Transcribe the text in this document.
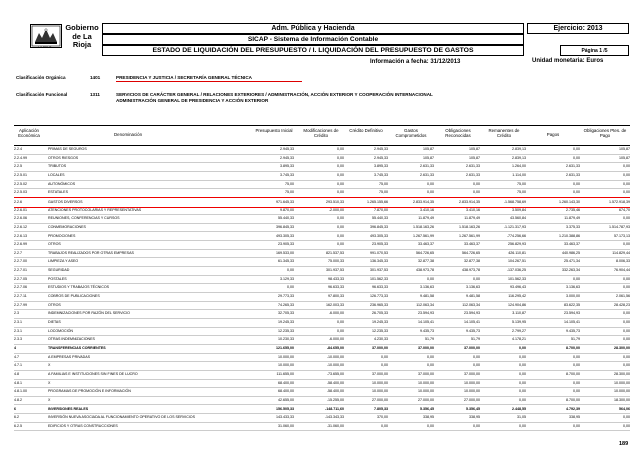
LA RIOJA
Gobierno de La Rioja
Adm. Pública y Hacienda
SICAP - Sistema de Información Contable
ESTADO DE LIQUIDACIÓN DEL PRESUPUESTO / I. LIQUIDACIÓN DEL PRESUPUESTO DE GASTOS
Ejercicio: 2013
Página 1 /5
Información a fecha: 31/12/2013	Unidad monetaria: Euros
Clasificación Orgánica	1401	PRESIDENCIA Y JUSTICIA / SECRETARÍA GENERAL TÉCNICA
Clasificación Funcional	1311	SERVICIOS DE CARÁCTER GENERAL / RELACIONES EXTERIORES / ADMINISTRACIÓN, ACCIÓN EXTERIOR Y COOPERACIÓN INTERNACIONAL
ADMINISTRACIÓN GENERAL DE PRESIDENCIA Y ACCIÓN EXTERIOR
Aplicación Económica	Denominación
Presupuesto Inicial	Modificaciones de Crédito
Crédito Definitivo	Gastos Comprometidos
Obligaciones Reconocidas
Remanentes de Crédito	Pagos
Obligaciones Ptes. de Pago
2.2.4	PRIMAS DE SEGUROS	2.945,33	0,00	2.945,33	105,87	105,87	2.839,13	0,00	105,87
2.2.4.99	OTROS RIESGOS	2.945,33	0,00	2.945,33	105,87	105,87	2.839,13	0,00	105,87
2.2.5	TRIBUTOS	3.895,33	0,00	3.895,33	2.631,33	2.631,33	1.264,00	2.631,33	0,00
2.2.5.01	LOCALES	3.745,33	0,00	3.745,33	2.631,33	2.631,33	1.114,00	2.631,33	0,00
2.2.5.02	AUTONÓMICOS	75,00	0,00	75,00	0,00	0,00	75,00	0,00	0,00
2.2.5.03	ESTATALES	75,00	0,00	75,00	0,00	0,00	75,00	0,00	0,00
2.2.6	GASTOS DIVERSOS	971.645,33	293.510,33	1.265.155,66	2.833.914,35	2.833.914,35	-1.568.758,69	1.260.143,30	1.572.918,39
2.2.6.01	ATENCIONES PROTOCOLARIAS Y REPRESENTATIVAS	9.870,00	-2.000,00	7.870,00	3.410,16	3.410,16	3.509,84	2.735,46	674,70
2.2.6.06	REUNIONES, CONFERENCIAS Y CURSOS	55.440,33	0,00	55.440,33	11.879,49	11.879,49	43.560,84	11.879,49	0,00
2.2.6.12	CONMEMORACIONES	396.845,33	0,00	396.845,33	1.518.163,26	1.518.163,26	-1.121.317,93	3.375,33	1.514.787,93
2.2.6.13	PROMOCIONES	493.305,33	0,00	493.305,33	1.267.561,99	1.267.561,99	-774.256,66	1.210.388,86	57.173,13
2.2.6.99	OTROS	23.905,33	0,00	23.905,33	33.463,37	33.463,37	256.829,93	33.463,37	0,00
2.2.7	TRABAJOS REALIZADOS POR OTRAS EMPRESAS	169.533,00	821.537,53	991.070,53	564.726,65	564.726,65	426.110,81	440.986,25	114.829,44
2.2.7.00	LIMPIEZA Y ASEO	61.345,33	75.000,33	136.345,33	32.877,38	32.877,38	104.267,51	25.471,34	8.006,33
2.2.7.01	SEGURIDAD	0,00	301.937,53	301.937,53	438.973,78	438.973,78	-137.036,25	332.263,34	76.904,44
2.2.7.05	POSTALES	3.129,33	98.433,33	101.562,33	0,00	0,00	101.562,33	0,00	0,00
2.2.7.06	ESTUDIOS Y TRABAJOS TÉCNICOS	0,00	96.633,33	96.633,33	3.136,63	3.136,63	93.496,43	3.136,63	0,00
2.2.7.11	COBROS DE PUBLICACIONES	29.773,33	97.800,33	126.773,33	9.481,58	9.481,58	116.295,42	3.000,00	2.061,56
2.2.7.99	OTROS	74.265,33	162.003,33	236.965,33	112.063,34	112.063,34	124.904,86	83.622,35	28.428,23
2.3	INDEMNIZACIONES POR RAZÓN DEL SERVICIO	32.705,33	-6.000,00	26.705,33	23.594,93	23.594,93	3.110,87	23.594,93	0,00
2.3.1	DIETAS	19.245,33	0,00	19.245,33	14.105,41	14.105,41	5.139,95	14.105,41	0,00
2.3.1	LOCOMOCIÓN	12.235,33	0,00	12.235,33	9.435,73	9.435,73	2.799,27	9.435,73	0,00
2.3.3	OTRAS INDEMNIZACIONES	10.230,33	-6.000,00	4.230,33	51,79	51,79	4.178,21	51,79	0,00
4	TRANSFERENCIAS CORRIENTES	121.655,00	-84.655,00	37.000,00	37.000,00	37.000,00	0,00	8.700,00	28.300,00
4.7	A EMPRESAS PRIVADAS	10.000,00	-10.000,00	0,00	0,00	0,00	0,00	0,00	0,00
4.7.1	X	10.000,00	-10.000,00	0,00	0,00	0,00	0,00	0,00	0,00
4.8	A FAMILIAS E INSTITUCIONES SIN FINES DE LUCRO	111.655,00	-73.655,00	37.000,00	37.000,00	37.000,00	0,00	8.700,00	28.300,00
4.8.1	X	68.400,00	-58.400,00	10.000,00	10.000,00	10.000,00	0,00	0,00	10.000,00
4.8.1.00	PROGRAMAS DE PROMOCIÓN E INFORMACIÓN	68.400,00	-58.400,00	10.000,00	10.000,00	10.000,00	0,00	0,00	10.000,00
4.8.2	X	42.655,00	-15.255,00	27.000,00	27.000,00	27.000,00	0,00	8.700,00	18.300,00
6	INVERSIONES REALES	156.505,33	-148.711,60	7.805,33	5.356,45	5.356,45	2.448,55	4.792,39	564,06
6.2	INVERSIÓN NUEVA ASOCIADA AL FUNCIONAMIENTO OPERATIVO DE LOS SERVICIOS	143.433,33	-143.343,33	370,00	338,95	338,95	31,05	338,95	0,00
6.2.5	EDIFICIOS Y OTRAS CONSTRUCCIONES	31.060,00	-31.060,00	0,00	0,00	0,00	0,00	0,00	0,00
189
